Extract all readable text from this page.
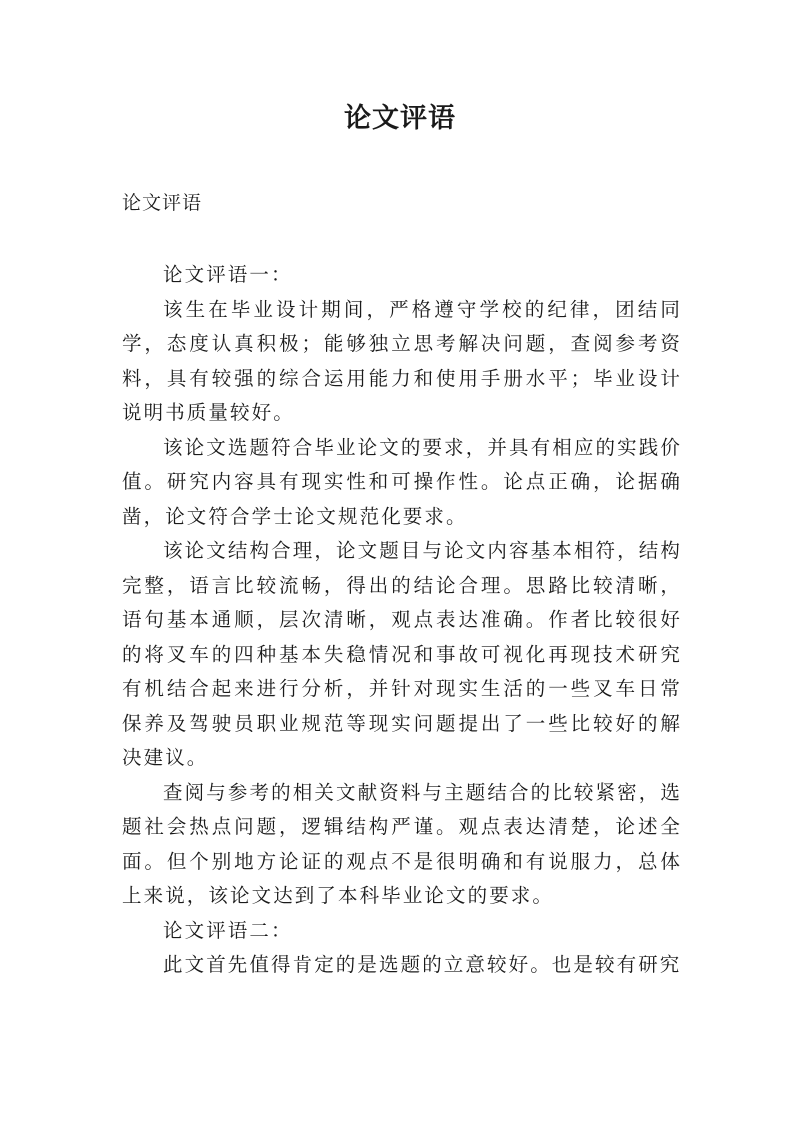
论文评语
论文评语

论文评语一：

该生在毕业设计期间，严格遵守学校的纪律，团结同学，态度认真积极；能够独立思考解决问题，查阅参考资料，具有较强的综合运用能力和使用手册水平；毕业设计说明书质量较好。

该论文选题符合毕业论文的要求，并具有相应的实践价值。研究内容具有现实性和可操作性。论点正确，论据确凿，论文符合学士论文规范化要求。

该论文结构合理，论文题目与论文内容基本相符，结构完整，语言比较流畅，得出的结论合理。思路比较清晰，语句基本通顺，层次清晰，观点表达准确。作者比较很好的将叉车的四种基本失稳情况和事故可视化再现技术研究有机结合起来进行分析，并针对现实生活的一些叉车日常保养及驾驶员职业规范等现实问题提出了一些比较好的解决建议。

查阅与参考的相关文献资料与主题结合的比较紧密，选题社会热点问题，逻辑结构严谨。观点表达清楚，论述全面。但个别地方论证的观点不是很明确和有说服力，总体上来说，该论文达到了本科毕业论文的要求。

论文评语二：

此文首先值得肯定的是选题的立意较好。也是较有研究
